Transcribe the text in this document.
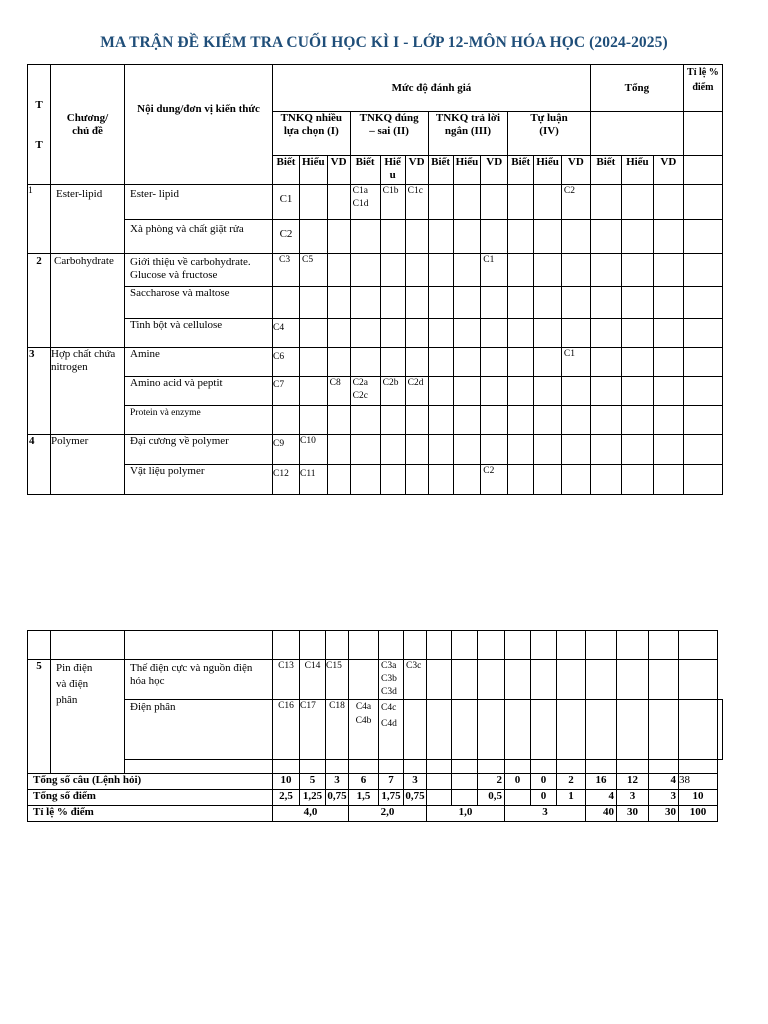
MA TRẬN ĐỀ KIỂM TRA CUỐI HỌC KÌ I - LỚP 12-MÔN HÓA HỌC (2024-2025)
T T	Chương/ chủ đề	Nội dung/đơn vị kiến thức	Mức độ đánh giá												Tổng			Tỉ lệ % điểm
			TNKQ nhiều lựa chọn (I)			TNKQ đúng – sai (II)			TNKQ trả lời ngắn (III)			Tự luận (IV)						
			Biết	Hiểu	VD	Biết	Hiể u	VD	Biết	Hiểu	VD	Biết	Hiểu	VD	Biết	Hiểu	VD	
1	Ester-lipid	Ester- lipid	C1			C1a C1d	C1b	C1c						C2				
		Xà phòng và chất giặt rửa	C2															
2	Carbohydrate	Giới thiệu về carbohydrate. Glucose và fructose	C3	C5							C1							
		Saccharose và maltose																
		Tinh bột và cellulose	C4															
3	Hợp chất chứa nitrogen	Amine	C6											C1				
		Amino acid và peptit	C7		C8	C2a C2c	C2b	C2d										
		Protein và enzyme																
4	Polymer	Đại cương về polymer	C9	C10														
		Vật liệu polymer	C12	C11							C2							

5	Pin điện và điện phân	Thế điện cực và nguồn điện hóa học	C13	C14	C15		C3a C3b C3d	C3c											
		Điện phân	C16	C17	C18	C4a C4b	C4c C4d												

Tổng số câu (Lệnh hỏi)			10	5	3	6	7	3			2	0	0	2	16	12	4	38	
Tổng số điểm			2,5	1,25	0,75	1,5	1,75	0,75			0,5		0	1	4	3	3	10	
Tỉ lệ % điểm			4,0			2,0			1,0			3			40	30	30	100	
